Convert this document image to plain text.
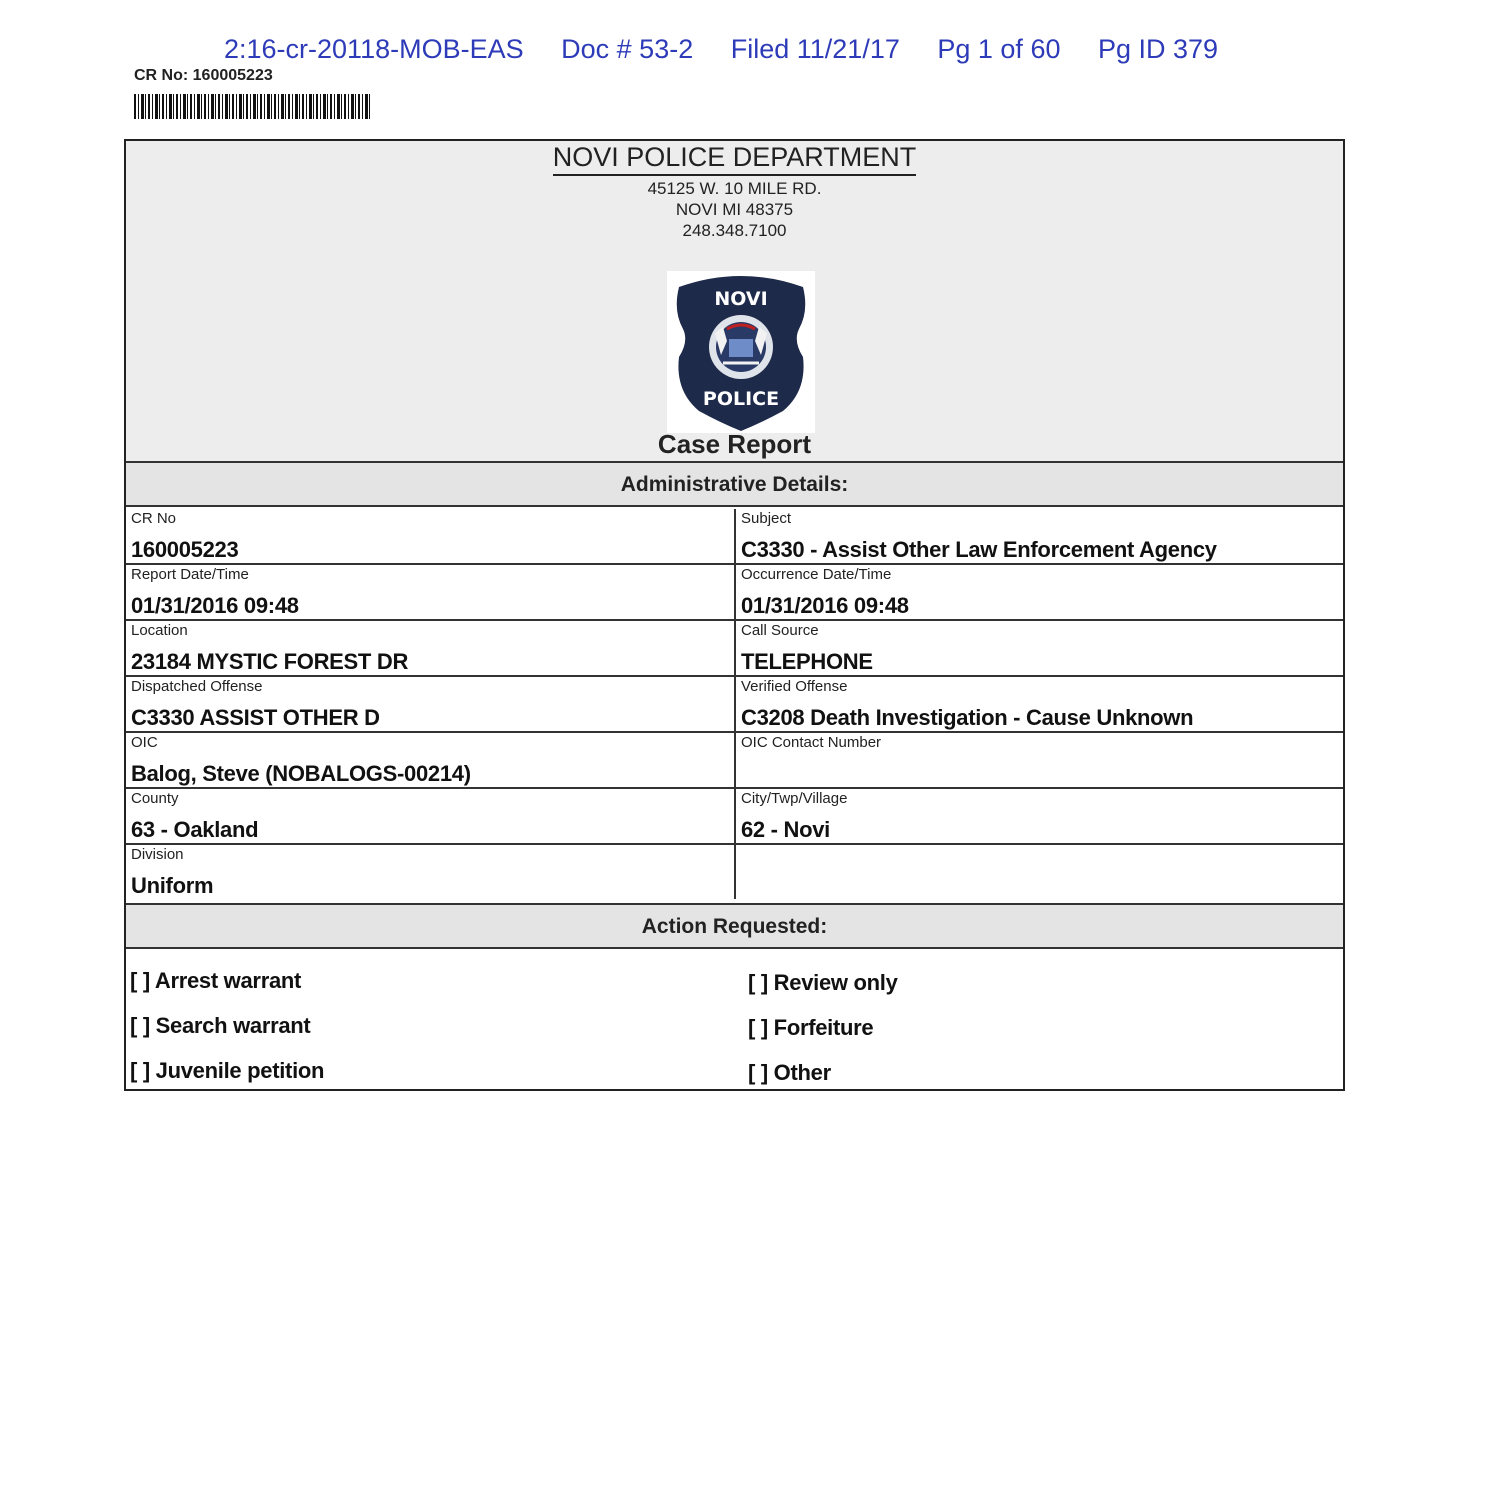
2:16-cr-20118-MOB-EAS Doc # 53-2 Filed 11/21/17 Pg 1 of 60 Pg ID 379
CR No: 160005223
NOVI POLICE DEPARTMENT
45125 W. 10 MILE RD.
NOVI MI 48375
248.348.7100
NOVI
POLICE
Case Report
Administrative Details:
CR No
160005223
Subject
C3330 - Assist Other Law Enforcement Agency
Report Date/Time
01/31/2016 09:48
Occurrence Date/Time
01/31/2016 09:48
Location
23184 MYSTIC FOREST DR
Call Source
TELEPHONE
Dispatched Offense
C3330 ASSIST OTHER D
Verified Offense
C3208 Death Investigation - Cause Unknown
OIC
Balog, Steve (NOBALOGS-00214)
OIC Contact Number
County
63 - Oakland
City/Twp/Village
62 - Novi
Division
Uniform
Action Requested:
[ ] Arrest warrant
[ ] Search warrant
[ ] Juvenile petition
[ ] Review only
[ ] Forfeiture
[ ] Other
